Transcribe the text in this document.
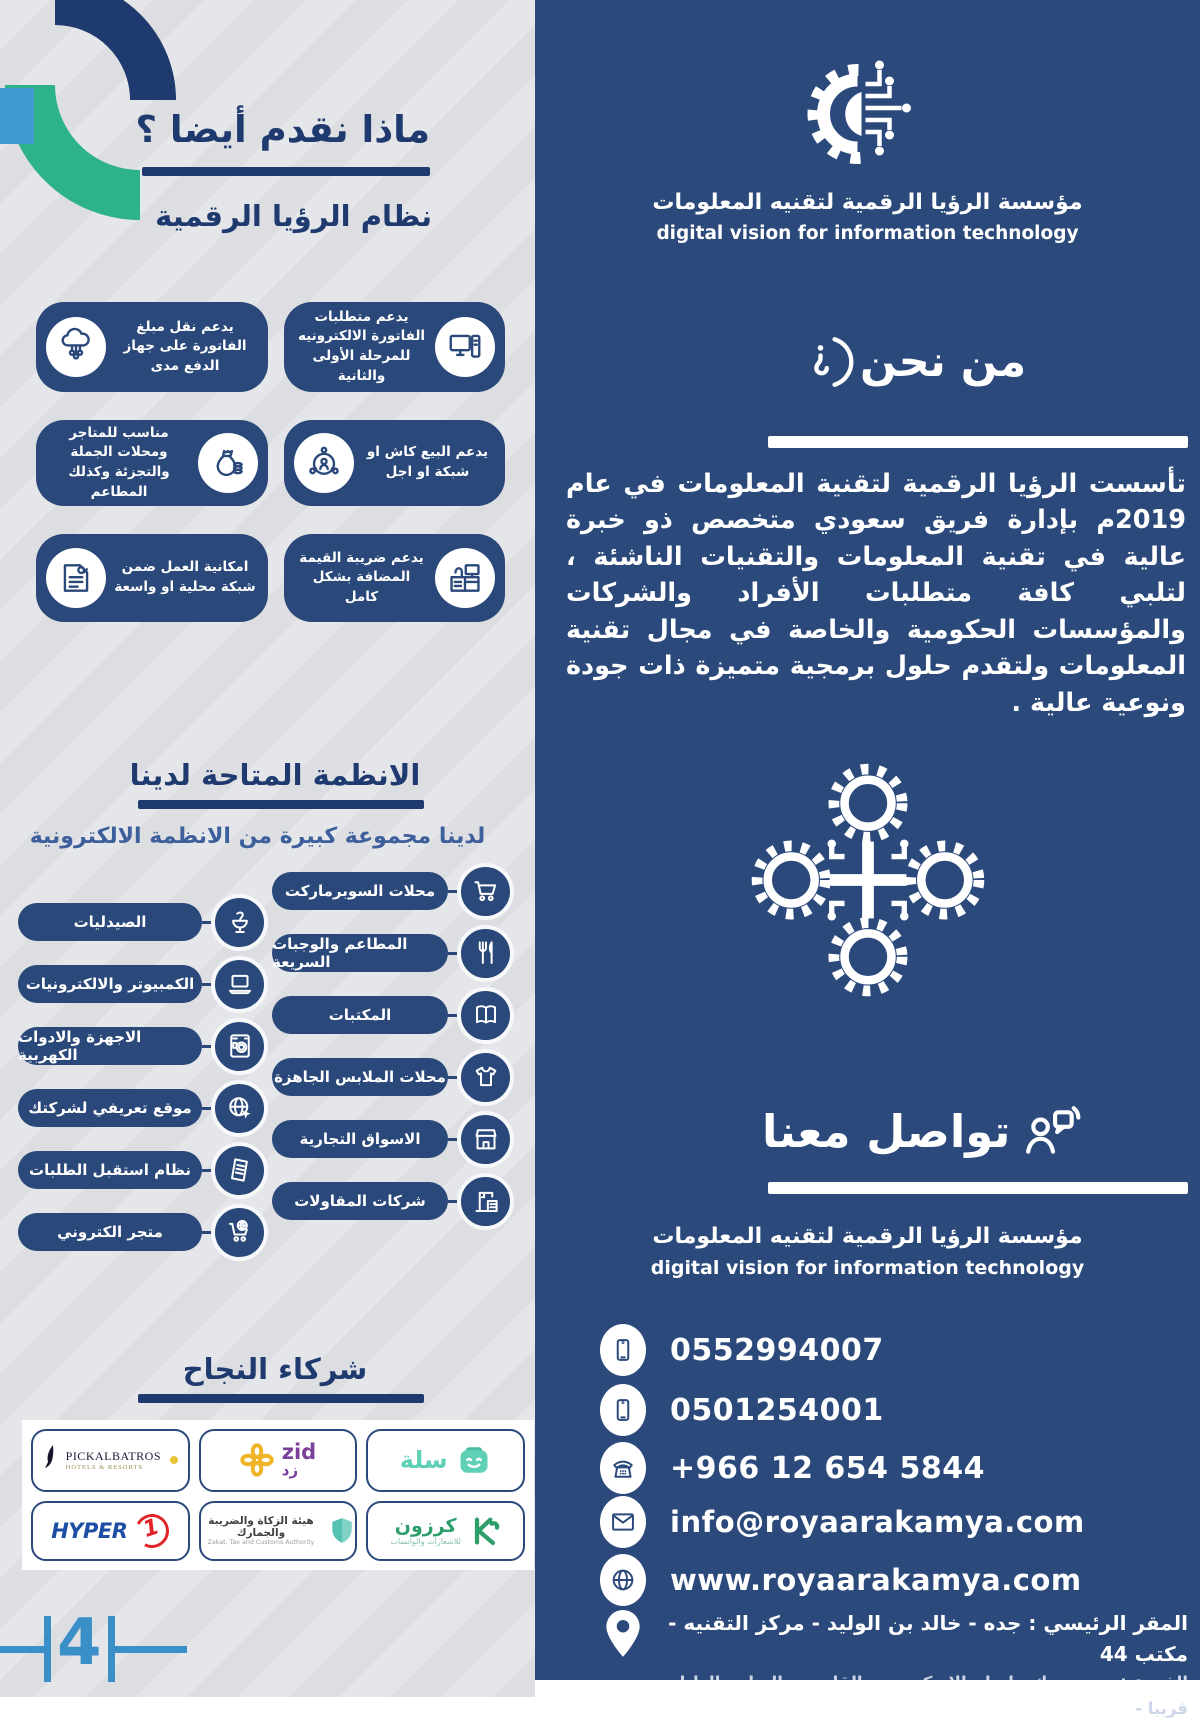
ماذا نقدم أيضا ؟
نظام الرؤيا الرقمية
يدعم نقل مبلغ الفاتورة على جهاز الدفع مدى
يدعم متطلبات الفاتورة الالكترونيه للمرحلة الأولى والثانية
مناسب للمتاجر ومحلات الجملة والتجزئة وكذلك المطاعم
يدعم البيع كاش او شبكة او اجل
امكانية العمل ضمن شبكة محلية او واسعة
يدعم ضريبة القيمة المضافة بشكل كامل
الانظمة المتاحة لدينا
لدينا مجموعة كبيرة من الانظمة الالكترونية
محلات السوبرماركت
الصيدليات
المطاعم والوجبات السريعة
الكمبيوتر والالكترونيات
المكتبات
الاجهزة والادوات الكهربية
محلات الملابس الجاهزة
موقع تعريفي لشركتك
الاسواق التجارية
نظام استقبل الطلبات
شركات المقاولات
متجر الكتروني
شركاء النجاح
PICKALBATROS
HOTELS & RESORTS
zid
زد	سلة
HYPER 1	هيئة الزكاة والضريبة والجمارك
Zakat, Tax and Customs Authority
كرزون
للاشعارات والواتساب
4
مؤسسة الرؤيا الرقمية لتقنيه المعلومات
digital vision for information technology
من نحن
تأسست الرؤيا الرقمية لتقنية المعلومات في عام 2019م بإدارة فريق سعودي متخصص ذو خبرة عالية في تقنية المعلومات والتقنيات الناشئة ، لتلبي كافة متطلبات الأفراد والشركات والمؤسسات الحكومية والخاصة في مجال تقنية المعلومات ولتقدم حلول برمجية متميزة ذات جودة ونوعية عالية .
تواصل معنا
مؤسسة الرؤيا الرقمية لتقنيه المعلومات
digital vision for information technology
0552994007
0501254001
+966 12 654 5844
info@royaarakamya.com
www.royaarakamya.com
المقر الرئيسي : جده - خالد بن الوليد - مركز التقنيه - مكتب 44
قريبا -
